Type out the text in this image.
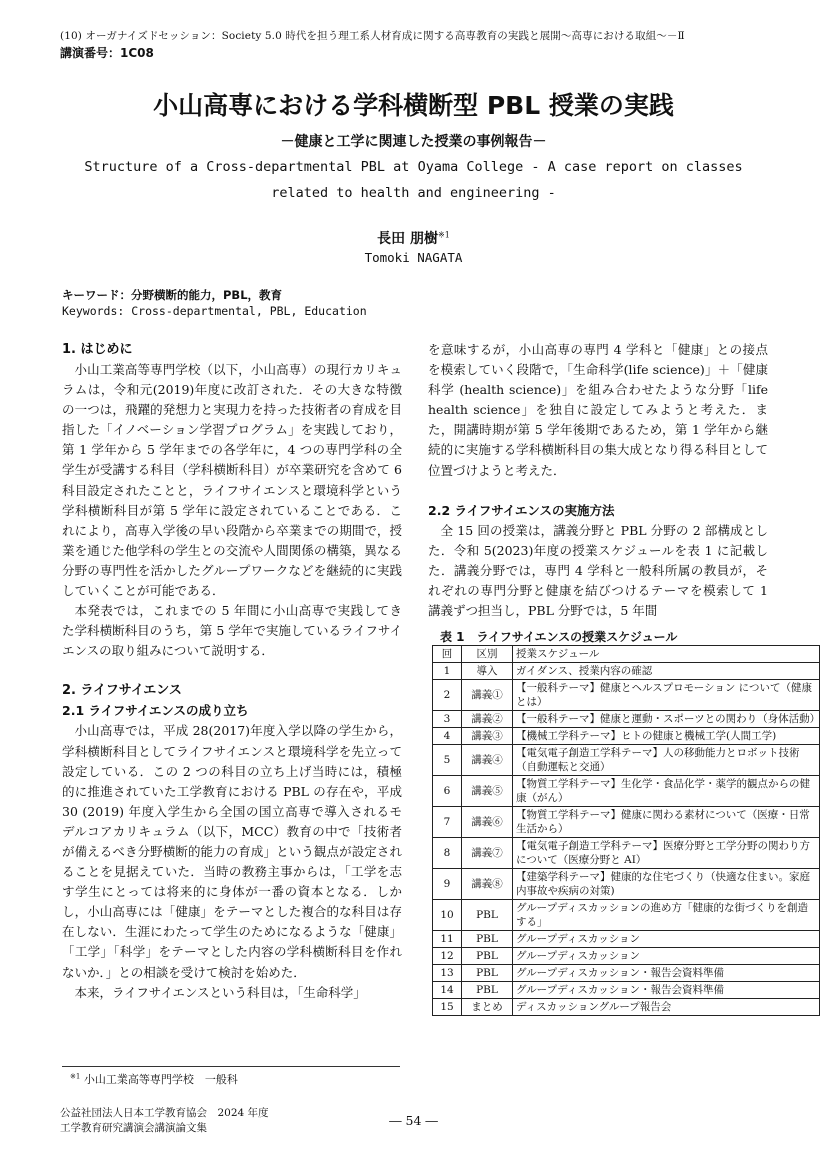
(10) オーガナイズドセッション：Society 5.0 時代を担う理工系人材育成に関する高専教育の実践と展開～高専における取組～－Ⅱ
講演番号：1C08
小山高専における学科横断型 PBL 授業の実践
－健康と工学に関連した授業の事例報告－
Structure of a Cross-departmental PBL at Oyama College - A case report on classes related to health and engineering -
長田 朋樹$^{※1}$
Tomoki NAGATA
キーワード：分野横断的能力，PBL，教育
Keywords: Cross-departmental, PBL, Education
1. はじめに

小山工業高等専門学校（以下，小山高専）の現行カリキュラムは，令和元(2019)年度に改訂された．その大きな特徴の一つは，飛躍的発想力と実現力を持った技術者の育成を目指した「イノベーション学習プログラム」を実践しており，第 1 学年から 5 学年までの各学年に，4 つの専門学科の全学生が受講する科目（学科横断科目）が卒業研究を含めて 6 科目設定されたことと，ライフサイエンスと環境科学という学科横断科目が第 5 学年に設定されていることである．これにより，高専入学後の早い段階から卒業までの期間で，授業を通じた他学科の学生との交流や人間関係の構築，異なる分野の専門性を活かしたグループワークなどを継続的に実践していくことが可能である．

本発表では，これまでの 5 年間に小山高専で実践してきた学科横断科目のうち，第 5 学年で実施しているライフサイエンスの取り組みについて説明する．

2. ライフサイエンス
2.1 ライフサイエンスの成り立ち

小山高専では，平成 28(2017)年度入学以降の学生から，学科横断科目としてライフサイエンスと環境科学を先立って設定している．この 2 つの科目の立ち上げ当時には，積極的に推進されていた工学教育における PBL の存在や，平成 30 (2019) 年度入学生から全国の国立高専で導入されるモデルコアカリキュラム（以下，MCC）教育の中で「技術者が備えるべき分野横断的能力の育成」という観点が設定されることを見据えていた．当時の教務主事からは，「工学を志す学生にとっては将来的に身体が一番の資本となる．しかし，小山高専には「健康」をテーマとした複合的な科目は存在しない．生涯にわたって学生のためになるような「健康」「工学」「科学」をテーマとした内容の学科横断科目を作れないか．」との相談を受けて検討を始めた．

本来，ライフサイエンスという科目は，「生命科学」

を意味するが，小山高専の専門 4 学科と「健康」との接点を模索していく段階で，「生命科学(life science)」＋「健康科学 (health science)」を組み合わせたような分野「life health science」を独自に設定してみようと考えた．また，開講時期が第 5 学年後期であるため，第 1 学年から継続的に実施する学科横断科目の集大成となり得る科目として位置づけようと考えた．

2.2 ライフサイエンスの実施方法

全 15 回の授業は，講義分野と PBL 分野の 2 部構成とした．令和 5(2023)年度の授業スケジュールを表 1 に記載した．講義分野では，専門 4 学科と一般科所属の教員が，それぞれの専門分野と健康を結びつけるテーマを模索して 1 講義ずつ担当し，PBL 分野では，5 年間

表 1　ライフサイエンスの授業スケジュール
回	区別	授業スケジュール
1	導入	ガイダンス、授業内容の確認
2	講義①	【一般科テーマ】健康とヘルスプロモーション について（健康とは）
3	講義②	【一般科テーマ】健康と運動・スポーツとの関わり（身体活動）
4	講義③	【機械工学科テーマ】ヒトの健康と機械工学(人間工学)
5	講義④	【電気電子創造工学科テーマ】人の移動能力とロボット技術（自動運転と交通）
6	講義⑤	【物質工学科テーマ】生化学・食品化学・薬学的観点からの健康（がん）
7	講義⑥	【物質工学科テーマ】健康に関わる素材について（医療・日常生活から）
8	講義⑦	【電気電子創造工学科テーマ】医療分野と工学分野の関わり方について（医療分野と AI）
9	講義⑧	【建築学科テーマ】健康的な住宅づくり（快適な住まい。家庭内事故や疾病の対策)
10	PBL	グループディスカッションの進め方「健康的な街づくりを創造する」
11	PBL	グループディスカッション
12	PBL	グループディスカッション
13	PBL	グループディスカッション・報告会資料準備
14	PBL	グループディスカッション・報告会資料準備
15	まとめ	ディスカッショングループ報告会
$^{※1}$ 小山工業高等専門学校　一般科
公益社団法人日本工学教育協会　2024 年度
工学教育研究講演会講演論文集	― 54 ―
